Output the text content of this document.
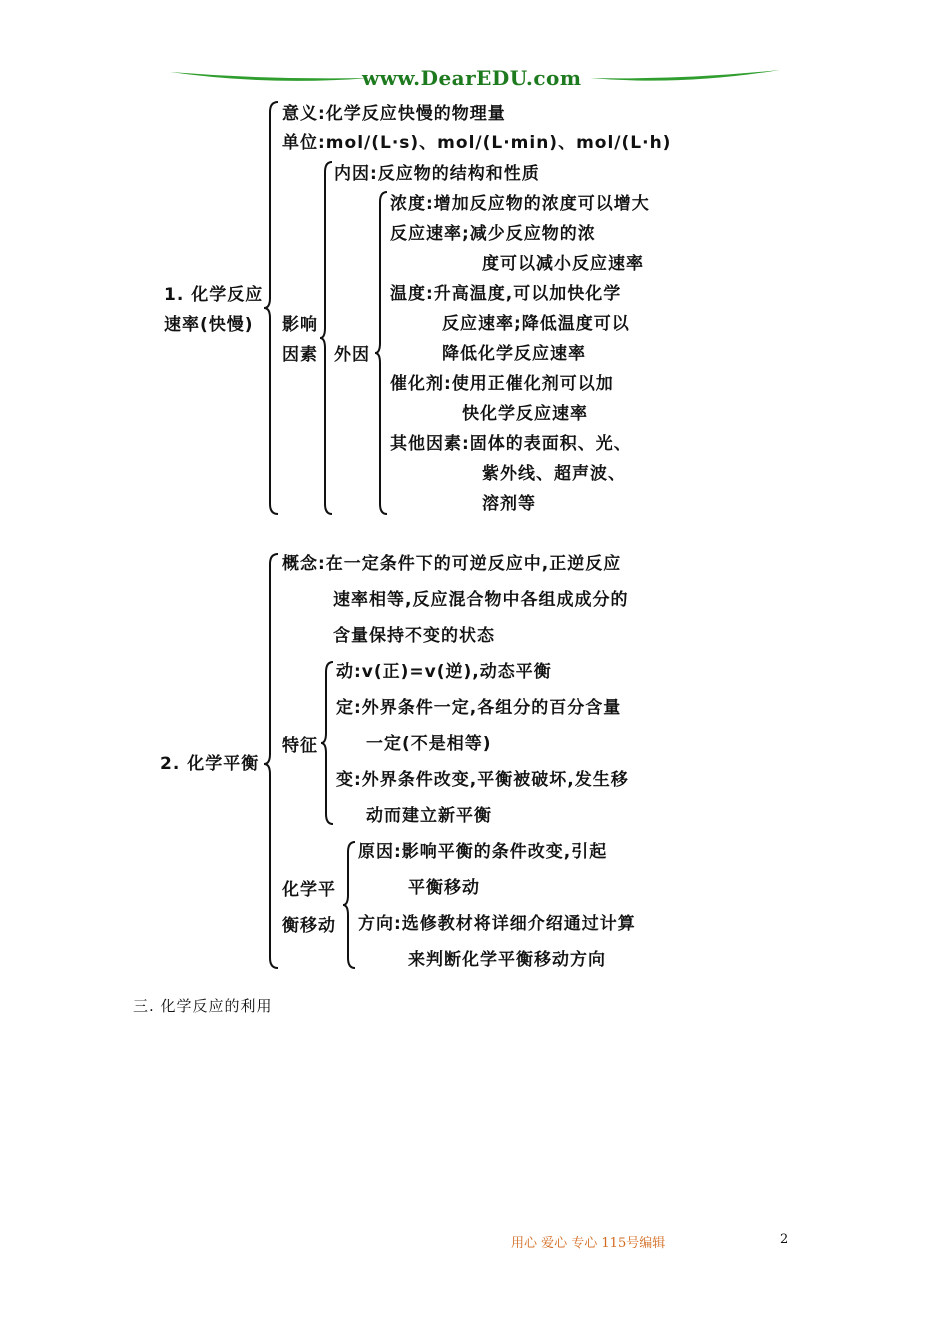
www.DearEDU.com
1. 化学反应
速率(快慢)
意义:化学反应快慢的物理量
单位:mol/(L·s)、mol/(L·min)、mol/(L·h)
影响
因素
内因:反应物的结构和性质
外因
浓度:增加反应物的浓度可以增大
反应速率;减少反应物的浓
度可以减小反应速率
温度:升高温度,可以加快化学
反应速率;降低温度可以
降低化学反应速率
催化剂:使用正催化剂可以加
快化学反应速率
其他因素:固体的表面积、光、
紫外线、超声波、
溶剂等
2. 化学平衡
概念:在一定条件下的可逆反应中,正逆反应
速率相等,反应混合物中各组成成分的
含量保持不变的状态
特征
动:v(正)=v(逆),动态平衡
定:外界条件一定,各组分的百分含量
一定(不是相等)
变:外界条件改变,平衡被破坏,发生移
动而建立新平衡
化学平
衡移动
原因:影响平衡的条件改变,引起
平衡移动
方向:选修教材将详细介绍通过计算
来判断化学平衡移动方向
三. 化学反应的利用
用心 爱心 专心 115号编辑	2
